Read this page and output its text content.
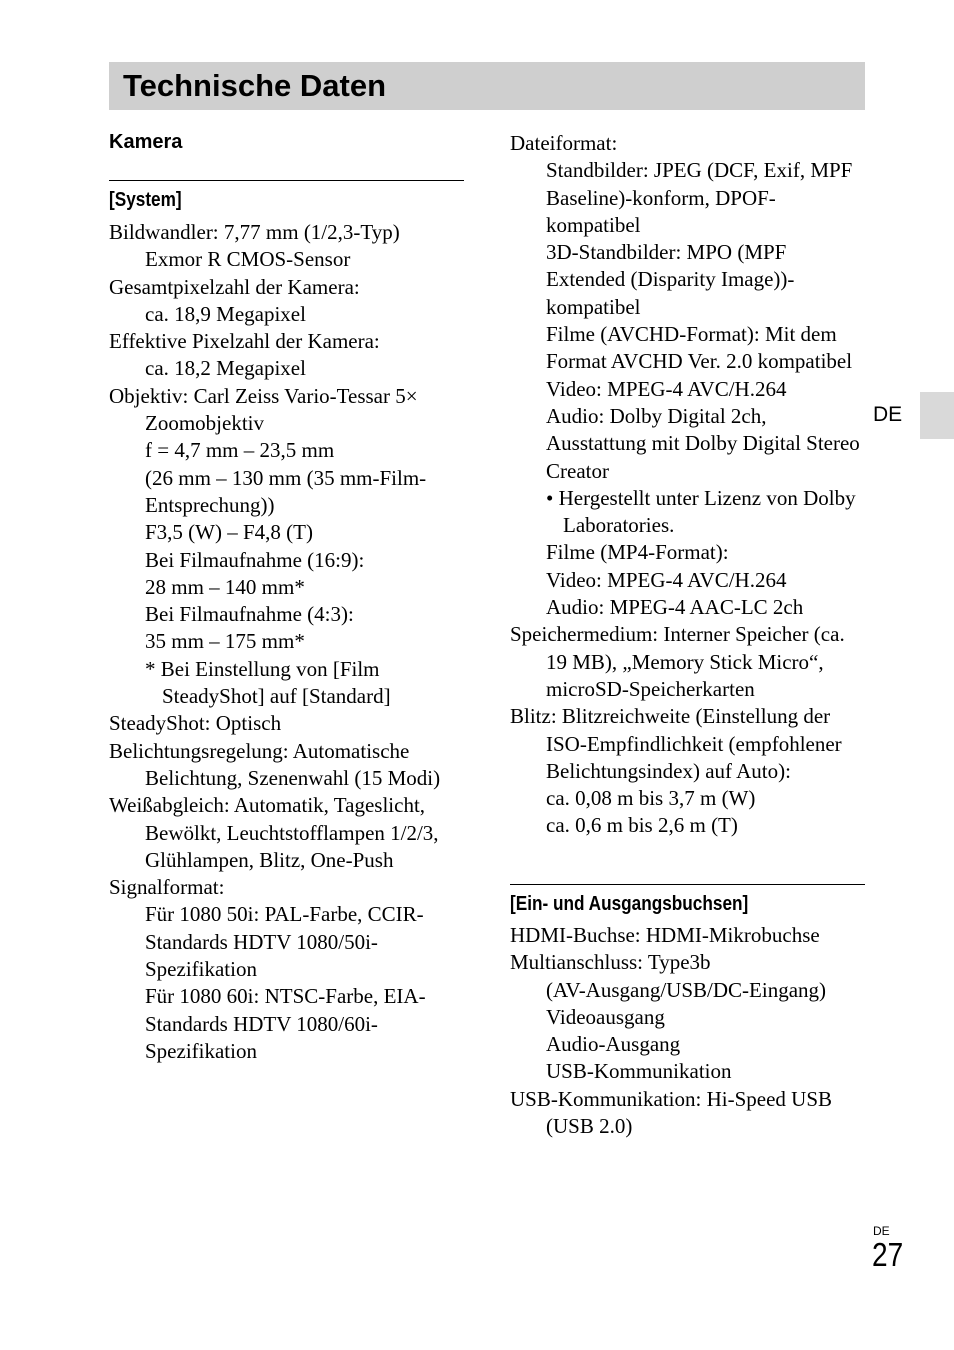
Technische Daten
Kamera
[System]

Bildwandler: 7,77 mm (1/2,3-Typ)

Exmor R CMOS-Sensor

Gesamtpixelzahl der Kamera:

ca. 18,9 Megapixel

Effektive Pixelzahl der Kamera:

ca. 18,2 Megapixel

Objektiv: Carl Zeiss Vario-Tessar 5×

Zoomobjektiv

f = 4,7 mm – 23,5 mm

(26 mm – 130 mm (35 mm-Film-

Entsprechung))

F3,5 (W) – F4,8 (T)

Bei Filmaufnahme (16:9):

28 mm – 140 mm*

Bei Filmaufnahme (4:3):

35 mm – 175 mm*

* Bei Einstellung von [Film SteadyShot] auf [Standard]

SteadyShot: Optisch

Belichtungsregelung: Automatische Belichtung, Szenenwahl (15 Modi)

Weißabgleich: Automatik, Tageslicht, Bewölkt, Leuchtstofflampen 1/2/3, Glühlampen, Blitz, One-Push

Signalformat:

Für 1080 50i: PAL-Farbe, CCIR-Standards HDTV 1080/50i-Spezifikation

Für 1080 60i: NTSC-Farbe, EIA-Standards HDTV 1080/60i-Spezifikation

Dateiformat:

Standbilder: JPEG (DCF, Exif, MPF Baseline)-konform, DPOF-kompatibel

3D-Standbilder: MPO (MPF Extended (Disparity Image))-kompatibel

Filme (AVCHD-Format): Mit dem Format AVCHD Ver. 2.0 kompatibel

Video: MPEG-4 AVC/H.264

Audio: Dolby Digital 2ch, Ausstattung mit Dolby Digital Stereo Creator

• Hergestellt unter Lizenz von Dolby Laboratories.

Filme (MP4-Format):

Video: MPEG-4 AVC/H.264

Audio: MPEG-4 AAC-LC 2ch

Speichermedium: Interner Speicher (ca. 19 MB), „Memory Stick Micro“, microSD-Speicherkarten

Blitz: Blitzreichweite (Einstellung der ISO-Empfindlichkeit (empfohlener Belichtungsindex) auf Auto):

ca. 0,08 m bis 3,7 m (W)

ca. 0,6 m bis 2,6 m (T)

[Ein- und Ausgangsbuchsen]

HDMI-Buchse: HDMI-Mikrobuchse

Multianschluss: Type3b

(AV-Ausgang/USB/DC-Eingang)

Videoausgang

Audio-Ausgang

USB-Kommunikation

USB-Kommunikation: Hi-Speed USB (USB 2.0)

DE
DE
27
